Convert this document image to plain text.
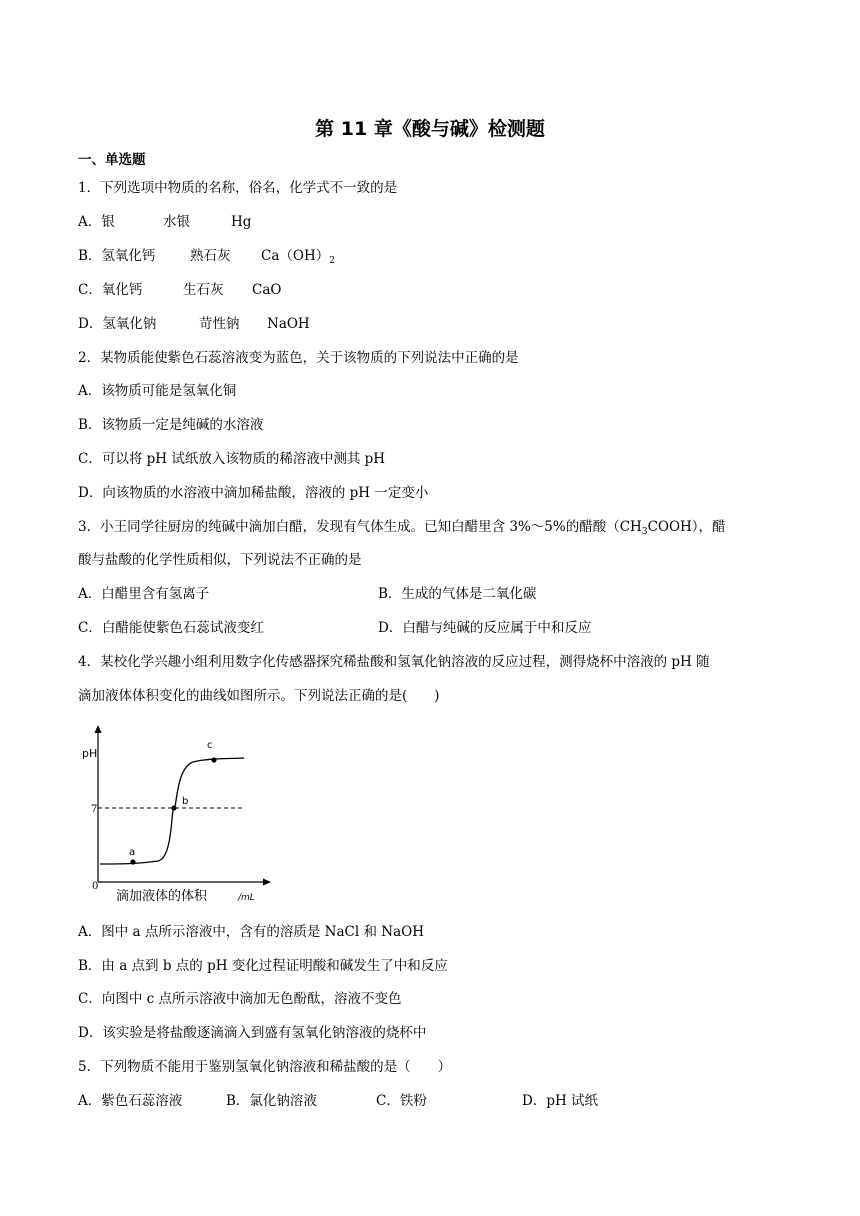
第 11 章《酸与碱》检测题
一、单选题
1．下列选项中物质的名称，俗名，化学式不一致的是
A．银	水银	Hg
B．氢氧化钙	熟石灰 $Ca(OH)_2$
C．氧化钙	生石灰 CaO
D．氢氧化钠	苛性钠 NaOH
2．某物质能使紫色石蕊溶液变为蓝色，关于该物质的下列说法中正确的是
A．该物质可能是氢氧化铜
B．该物质一定是纯碱的水溶液
C．可以将 pH 试纸放入该物质的稀溶液中测其 pH
D．向该物质的水溶液中滴加稀盐酸，溶液的 pH 一定变小
3．小王同学往厨房的纯碱中滴加白醋，发现有气体生成。已知白醋里含 3%～5%的醋酸$(CH_3COOH)$，醋
酸与盐酸的化学性质相似，下列说法不正确的是
A．白醋里含有氢离子	B．生成的气体是二氧化碳
C．白醋能使紫色石蕊试液变红	D．白醋与纯碱的反应属于中和反应
4．某校化学兴趣小组利用数字化传感器探究稀盐酸和氢氧化钠溶液的反应过程，测得烧杯中溶液的 pH 随
滴加液体体积变化的曲线如图所示。下列说法正确的是(　　)
pH
7
0
a
b
c
滴加液体的体积	/mL
A．图中 a 点所示溶液中，含有的溶质是 NaCl 和 NaOH
B．由 a 点到 b 点的 pH 变化过程证明酸和碱发生了中和反应
C．向图中 c 点所示溶液中滴加无色酚酞，溶液不变色
D．该实验是将盐酸逐滴滴入到盛有氢氧化钠溶液的烧杯中
5．下列物质不能用于鉴别氢氧化钠溶液和稀盐酸的是（　　）
A．紫色石蕊溶液	B．氯化钠溶液	C．铁粉	D．pH 试纸
